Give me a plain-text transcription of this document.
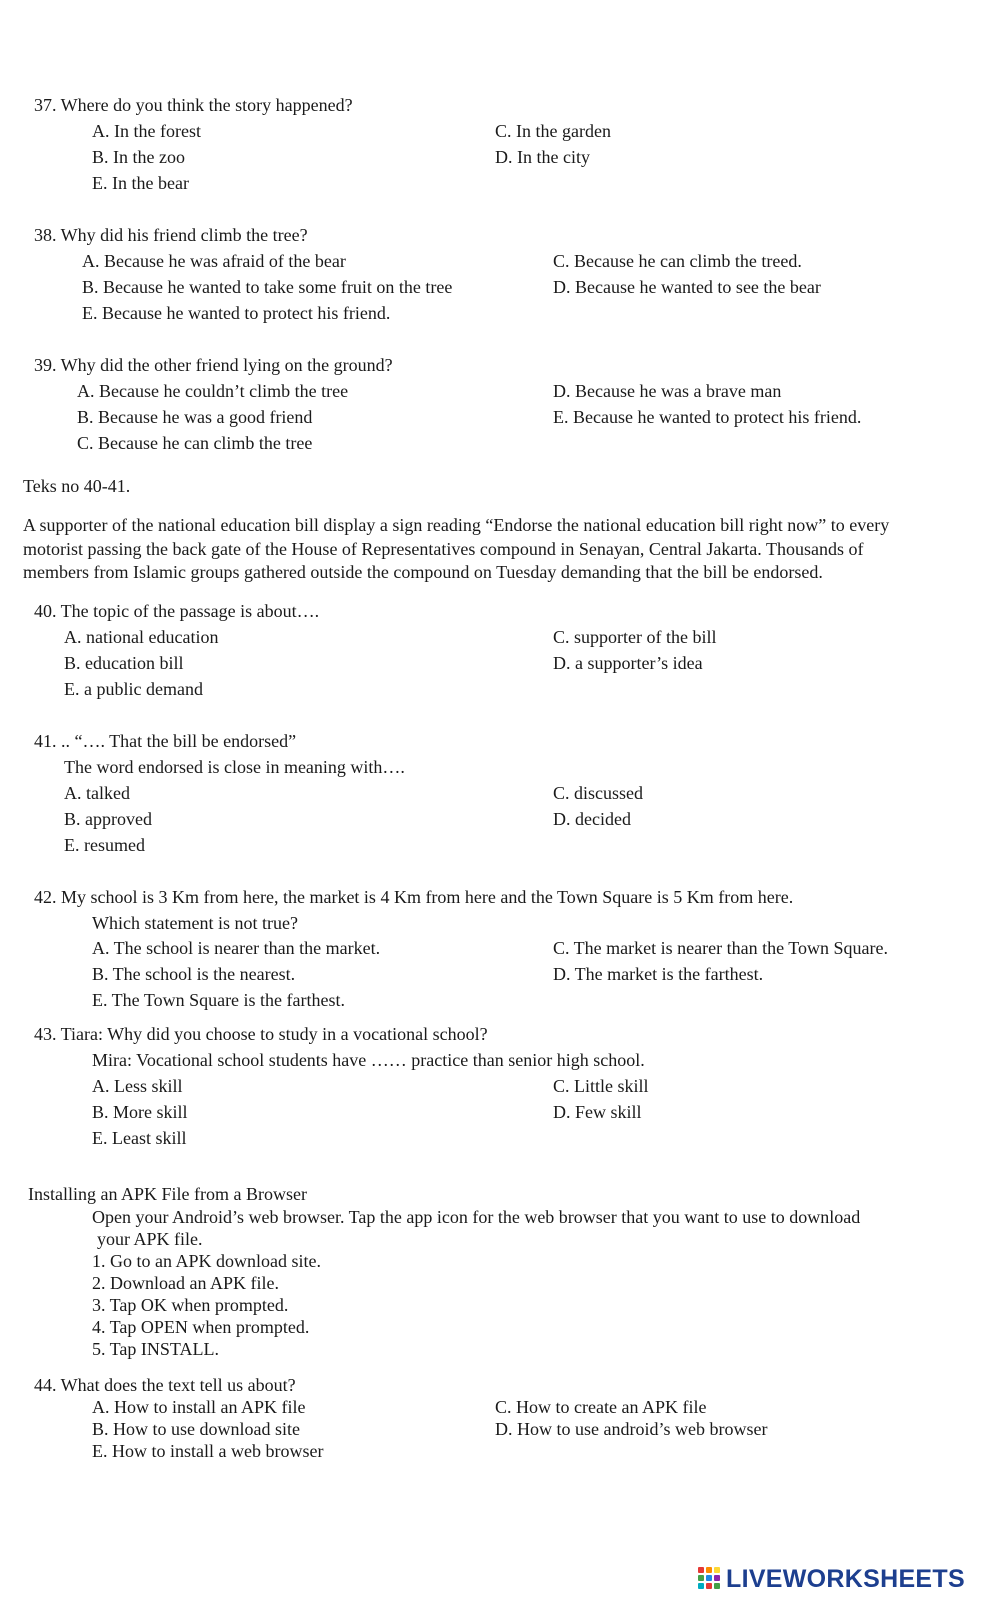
37. Where do you think the story happened?
A. In the forest
B. In the zoo
E. In the bear
C. In the garden
D. In the city
38. Why did his friend climb the tree?
A. Because he was afraid of the bear
B. Because he wanted to take some fruit on the tree
E. Because he wanted to protect his friend.
C. Because he can climb the treed.
D. Because he wanted to see the bear
39. Why did the other friend lying on the ground?
A. Because he couldn’t climb the tree
B. Because he was a good friend
C. Because he can climb the tree
D. Because he was a brave man
E. Because he wanted to protect his friend.
Teks no 40-41.
A supporter of the national education bill display a sign reading “Endorse the national education bill right now” to every
motorist passing the back gate of the House of Representatives compound in Senayan, Central Jakarta. Thousands of
members from Islamic groups gathered outside the compound on Tuesday demanding that the bill be endorsed.
40. The topic of the passage is about….
A. national education
B. education bill
E. a public demand
C. supporter of the bill
D. a supporter’s idea
41. .. “…. That the bill be endorsed”
The word endorsed is close in meaning with….
A. talked
B. approved
E. resumed
C. discussed
D. decided
42. My school is 3 Km from here, the market is 4 Km from here and the Town Square is 5 Km from here.
Which statement is not true?
A. The school is nearer than the market.
B. The school is the nearest.
E. The Town Square is the farthest.
C. The market is nearer than the Town Square.
D. The market is the farthest.
43. Tiara: Why did you choose to study in a vocational school?
Mira: Vocational school students have …… practice than senior high school.
A. Less skill
B. More skill
E. Least skill
C. Little skill
D. Few skill
Installing an APK File from a Browser
Open your Android’s web browser. Tap the app icon for the web browser that you want to use to download
your APK file.
1. Go to an APK download site.
2. Download an APK file.
3. Tap OK when prompted.
4. Tap OPEN when prompted.
5. Tap INSTALL.
44. What does the text tell us about?
A. How to install an APK file
B. How to use download site
E. How to install a web browser
C. How to create an APK file
D. How to use android’s web browser
LIVEWORKSHEETS
